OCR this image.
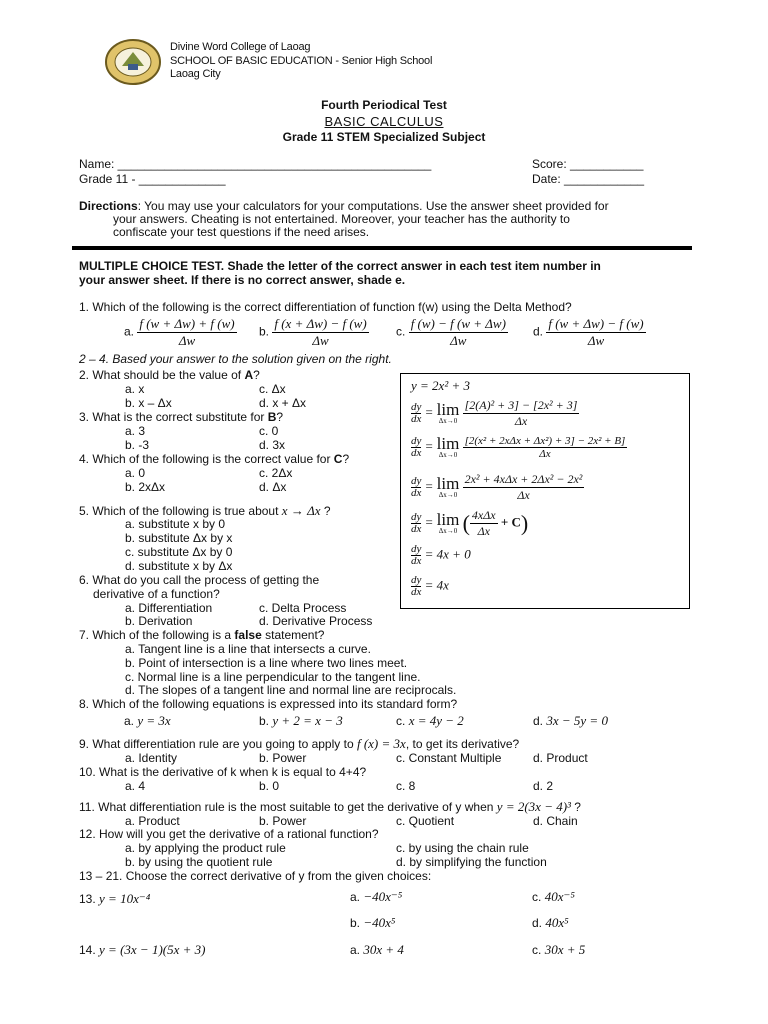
Divine Word College of Laoag
SCHOOL OF BASIC EDUCATION - Senior High School
Laoag City
Fourth Periodical Test
BASIC CALCULUS
Grade 11 STEM Specialized Subject
Name: _______________________________________________	Score: ___________
Grade 11 - _____________	Date: ____________
Directions: You may use your calculators for your computations. Use the answer sheet provided for
your answers. Cheating is not entertained. Moreover, your teacher has the authority to
confiscate your test questions if the need arises.
MULTIPLE CHOICE TEST. Shade the letter of the correct answer in each test item number in
your answer sheet. If there is no correct answer, shade e.
1. Which of the following is the correct differentiation of function f(w) using the Delta Method?
a. $\frac{f (w + \Delta w) + f (w)}{\Delta w} b$. $\frac{f (x + \Delta w) - f (w)}{\Delta w} c$. $\frac{f (w) - f (w + \Delta w)}{\Delta w} d$. $\frac{f (w + \Delta w) - f (w)}{\Delta w}$
2 – 4. Based your answer to the solution given on the right.
2. What should be the value of A?
a. x	c. Δx
b. x – Δx	d. x + Δx
3. What is the correct substitute for B?
a. 3	c. 0
b. -3	d. 3x
4. Which of the following is the correct value for C?
a. 0	c. 2Δx
b. 2xΔx	d. Δx
5. Which of the following is true about x → Δx ?
a. substitute x by 0
b. substitute Δx by x
c. substitute Δx by 0
d. substitute x by Δx
6. What do you call the process of getting the
derivative of a function?
a. Differentiation	c. Delta Process
b. Derivation	d. Derivative Process
y = 2x² + 3
$\frac{dy}{dx} = \lim$
Δx→0
$\frac{\text{[2(A)² + 3] − [2x² + 3]}}{\Delta x}$
$\frac{dy}{dx} = \lim$
Δx→0
$\frac{\text{[2(x² + 2xΔx + Δx²) + 3] − 2x² + B]}}{\Delta x}$
$\frac{dy}{dx} = \lim$
Δx→0
$\frac{\text{2x² + 4xΔx + 2Δx² − 2x²}}{\Delta x}$
$\frac{dy}{dx} = \lim$
Δx→0 ( $\frac{\text{4xΔx}}{\Delta x} + C$)
$\frac{dy}{dx} = 4x + 0$
$\frac{dy}{dx} = 4x$
7. Which of the following is a false statement?
a. Tangent line is a line that intersects a curve.
b. Point of intersection is a line where two lines meet.
c. Normal line is a line perpendicular to the tangent line.
d. The slopes of a tangent line and normal line are reciprocals.
8. Which of the following equations is expressed into its standard form?
a. y = 3x	b. y + 2 = x − 3	c. x = 4y − 2	d. 3x − 5y = 0
9. What differentiation rule are you going to apply to f (x) = 3x, to get its derivative?
a. Identity	b. Power	c. Constant Multiple	d. Product
10. What is the derivative of k when k is equal to 4+4?
a. 4	b. 0	c. 8	d. 2
11. What differentiation rule is the most suitable to get the derivative of y when y = 2(3x − 4)³ ?
a. Product	b. Power	c. Quotient	d. Chain
12. How will you get the derivative of a rational function?
a. by applying the product rule	c. by using the chain rule
b. by using the quotient rule	d. by simplifying the function
13 – 21. Choose the correct derivative of y from the given choices:
13. y = 10x⁻⁴	a. −40x⁻⁵	c. 40x⁻⁵
b. −40x⁵	d. 40x⁵
14. y = (3x − 1)(5x + 3)	a. 30x + 4	c. 30x + 5
